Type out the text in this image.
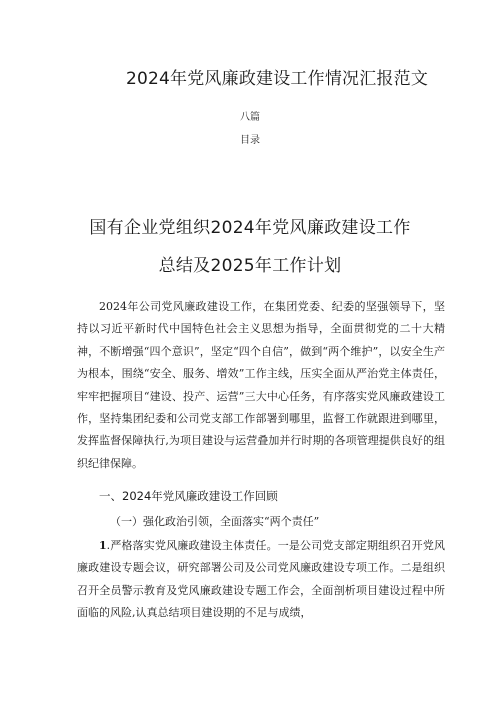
2024年党风廉政建设工作情况汇报范文
八篇
目录
国有企业党组织2024年党风廉政建设工作
总结及2025年工作计划
2024年公司党风廉政建设工作，在集团党委、纪委的坚强领导下，坚持以习近平新时代中国特色社会主义思想为指导，全面贯彻党的二十大精神，不断增强“四个意识”，坚定“四个自信”，做到“两个维护”，以安全生产为根本，围绕“安全、服务、增效”工作主线，压实全面从严治党主体责任，牢牢把握项目“建设、投产、运营”三大中心任务，有序落实党风廉政建设工作，坚持集团纪委和公司党支部工作部署到哪里，监督工作就跟进到哪里，发挥监督保障执行,为项目建设与运营叠加并行时期的各项管理提供良好的组织纪律保障。
一、2024年党风廉政建设工作回顾
（一）强化政治引领，全面落实“两个责任”
1.严格落实党风廉政建设主体责任。一是公司党支部定期组织召开党风廉政建设专题会议，研究部署公司及公司党风廉政建设专项工作。二是组织召开全员警示教育及党风廉政建设专题工作会，全面剖析项目建设过程中所面临的风险,认真总结项目建设期的不足与成绩，
